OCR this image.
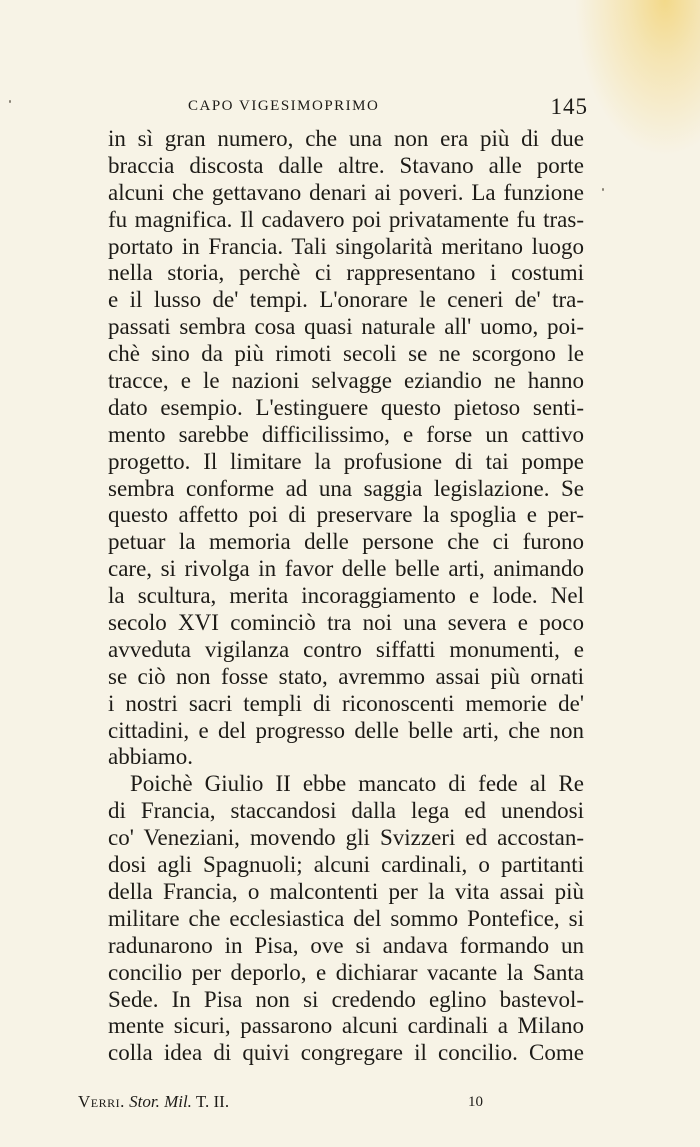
CAPO VIGESIMOPRIMO	145
in sì gran numero, che una non era più di due
braccia discosta dalle altre. Stavano alle porte
alcuni che gettavano denari ai poveri. La funzione
fu magnifica. Il cadavero poi privatamente fu tras-
portato in Francia. Tali singolarità meritano luogo
nella storia, perchè ci rappresentano i costumi
e il lusso de' tempi. L'onorare le ceneri de' tra-
passati sembra cosa quasi naturale all' uomo, poi-
chè sino da più rimoti secoli se ne scorgono le
tracce, e le nazioni selvagge eziandio ne hanno
dato esempio. L'estinguere questo pietoso senti-
mento sarebbe difficilissimo, e forse un cattivo
progetto. Il limitare la profusione di tai pompe
sembra conforme ad una saggia legislazione. Se
questo affetto poi di preservare la spoglia e per-
petuar la memoria delle persone che ci furono
care, si rivolga in favor delle belle arti, animando
la scultura, merita incoraggiamento e lode. Nel
secolo XVI cominciò tra noi una severa e poco
avveduta vigilanza contro siffatti monumenti, e
se ciò non fosse stato, avremmo assai più ornati
i nostri sacri templi di riconoscenti memorie de'
cittadini, e del progresso delle belle arti, che non
abbiamo.
Poichè Giulio II ebbe mancato di fede al Re
di Francia, staccandosi dalla lega ed unendosi
co' Veneziani, movendo gli Svizzeri ed accostan-
dosi agli Spagnuoli; alcuni cardinali, o partitanti
della Francia, o malcontenti per la vita assai più
militare che ecclesiastica del sommo Pontefice, si
radunarono in Pisa, ove si andava formando un
concilio per deporlo, e dichiarar vacante la Santa
Sede. In Pisa non si credendo eglino bastevol-
mente sicuri, passarono alcuni cardinali a Milano
colla idea di quivi congregare il concilio. Come
Verri. Stor. Mil. T. II.	10
